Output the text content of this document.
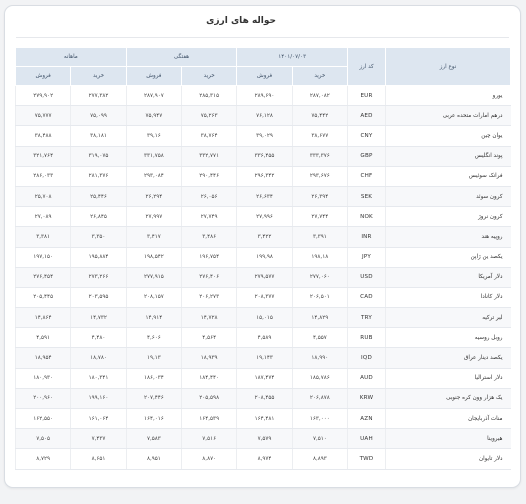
حواله های ارزی
نوع ارز	کد ارز	۱۴۰۱/۰۷/۰۳		هفتگی		ماهانه	
		خرید	فروش	خرید	فروش	خرید	فروش
یورو	EUR	۲۸۷,۰۸۲	۲۸۹,۶۹۰	۲۸۵,۳۱۵	۲۸۷,۹۰۷	۲۷۷,۳۸۲	۲۷۹,۹۰۲
درهم امارات متحده عربی	AED	۷۵,۴۴۲	۷۶,۱۲۸	۷۵,۲۶۳	۷۵,۹۴۷	۷۵,۰۹۹	۷۵,۷۷۷
یوان چین	CNY	۳۸,۶۷۷	۳۹,۰۲۹	۳۸,۷۶۴	۳۹,۱۶	۳۸,۱۸۱	۳۸,۴۸۸
پوند انگلیس	GBP	۳۳۳,۳۷۶	۳۳۶,۴۵۵	۳۳۲,۷۷۱	۳۳۱,۷۵۸	۳۱۹,۰۷۵	۳۲۱,۷۶۴
فرانک سوئیس	CHF	۲۹۳,۶۷۶	۲۹۶,۳۴۲	۲۹۰,۴۴۶	۲۹۳,۰۸۴	۲۸۱,۳۷۶	۲۸۶,۰۳۳
کرون سوئد	SEK	۲۶,۳۹۴	۲۶,۶۳۴	۲۶,۰۵۶	۲۶,۲۹۴	۲۵,۴۴۶	۲۵,۷۰۸
کرون نروژ	NOK	۲۷,۷۴۴	۲۷,۹۹۶	۲۷,۷۴۹	۲۷,۹۹۷	۲۶,۸۴۵	۲۷,۰۸۹
روپیه هند	INR	۳,۳۹۱	۳,۴۲۲	۳,۴۸۶	۳,۴۱۷	۳,۳۵۰	۳,۳۸۱
یکصد ین ژاپن	JPY	۱۹۸,۱۸	۱۹۹,۹۸	۱۹۶,۷۵۴	۱۹۸,۵۴۲	۱۹۵,۸۸۴	۱۹۷,۱۵۰
دلار آمریکا	USD	۲۷۷,۰۶۰	۲۷۹,۵۷۷	۲۷۶,۴۰۶	۲۷۷,۹۱۵	۲۷۳,۲۶۶	۲۷۶,۴۵۴
دلار کانادا	CAD	۲۰۶,۵۰۱	۲۰۸,۳۷۷	۲۰۶,۲۷۳	۲۰۸,۱۵۷	۲۰۳,۵۹۵	۲۰۵,۴۴۵
لیر ترکیه	TRY	۱۴,۸۲۹	۱۵,۰۱۵	۱۴,۷۲۸	۱۴,۹۱۴	۱۴,۷۳۲	۱۴,۸۶۴
روبل روسیه	RUB	۴,۵۵۷	۴,۵۸۹	۴,۵۶۴	۴,۶۰۶	۴,۴۸۰	۴,۵۹۱
یکصد دینار عراق	IQD	۱۸,۹۹۰	۱۹,۱۴۳	۱۸,۹۳۹	۱۹,۱۳	۱۸,۷۸۰	۱۸,۹۵۴
دلار استرالیا	AUD	۱۸۵,۷۸۶	۱۸۷,۴۷۴	۱۸۴,۴۴۰	۱۸۶,۰۳۴	۱۸۰,۳۴۱	۱۸۰,۹۳۰
یک هزار وون کره جنوبی	KRW	۲۰۶,۸۷۸	۲۰۸,۴۵۵	۲۰۵,۵۹۸	۲۰۷,۴۴۶	۱۹۹,۱۶۰	۲۰۰,۹۶۰
منات آذربایجان	AZN	۱۶۳,۰۰۰	۱۶۴,۴۸۱	۱۶۴,۵۳۹	۱۶۴,۰۱۶	۱۶۱,۰۶۴	۱۶۲,۵۵۰
هیروینا	UAH	۷,۵۱۰	۷,۵۷۹	۷,۵۱۶	۷,۵۸۳	۷,۴۳۷	۷,۵۰۵
دلار تایوان	TWD	۸,۸۹۳	۸,۹۷۴	۸,۸۷۰	۸,۹۵۱	۸,۶۵۱	۸,۷۲۹
